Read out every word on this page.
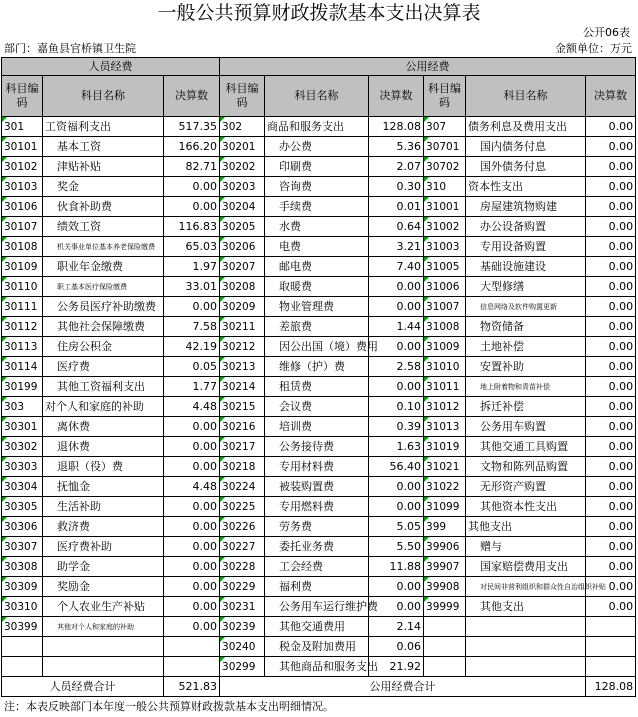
一般公共预算财政拨款基本支出决算表
公开06表
部门：嘉鱼县官桥镇卫生院	金额单位：万元
人员经费			公用经费					
科目编码	科目名称	决算数	科目编码	科目名称	决算数	科目编码	科目名称	决算数
301	工资福利支出	517.35	302	商品和服务支出	128.08	307	债务利息及费用支出	0.00
30101	基本工资	166.20	30201	办公费	5.36	30701	国内债务付息	0.00
30102	津贴补贴	82.71	30202	印刷费	2.07	30702	国外债务付息	0.00
30103	奖金	0.00	30203	咨询费	0.30	310	资本性支出	0.00
30106	伙食补助费	0.00	30204	手续费	0.01	31001	房屋建筑物购建	0.00
30107	绩效工资	116.83	30205	水费	0.64	31002	办公设备购置	0.00
30108	机关事业单位基本养老保险缴费	65.03	30206	电费	3.21	31003	专用设备购置	0.00
30109	职业年金缴费	1.97	30207	邮电费	7.40	31005	基础设施建设	0.00
30110	职工基本医疗保险缴费	33.01	30208	取暖费	0.00	31006	大型修缮	0.00
30111	公务员医疗补助缴费	0.00	30209	物业管理费	0.00	31007	信息网络及软件购置更新	0.00
30112	其他社会保障缴费	7.58	30211	差旅费	1.44	31008	物资储备	0.00
30113	住房公积金	42.19	30212	因公出国（境）费用	0.00	31009	土地补偿	0.00
30114	医疗费	0.05	30213	维修（护）费	2.58	31010	安置补助	0.00
30199	其他工资福利支出	1.77	30214	租赁费	0.00	31011	地上附着物和青苗补偿	0.00
303	对个人和家庭的补助	4.48	30215	会议费	0.10	31012	拆迁补偿	0.00
30301	离休费	0.00	30216	培训费	0.39	31013	公务用车购置	0.00
30302	退休费	0.00	30217	公务接待费	1.63	31019	其他交通工具购置	0.00
30303	退职（役）费	0.00	30218	专用材料费	56.40	31021	文物和陈列品购置	0.00
30304	抚恤金	4.48	30224	被装购置费	0.00	31022	无形资产购置	0.00
30305	生活补助	0.00	30225	专用燃料费	0.00	31099	其他资本性支出	0.00
30306	救济费	0.00	30226	劳务费	5.05	399	其他支出	0.00
30307	医疗费补助	0.00	30227	委托业务费	5.50	39906	赠与	0.00
30308	助学金	0.00	30228	工会经费	11.88	39907	国家赔偿费用支出	0.00
30309	奖励金	0.00	30229	福利费	0.00	39908	对民间非营利组织和群众性自治组织补贴	0.00
30310	个人农业生产补贴	0.00	30231	公务用车运行维护费	0.00	39999	其他支出	0.00
30399	其他对个人和家庭的补助	0.00	30239	其他交通费用	2.14			
			30240	税金及附加费用	0.06			
			30299	其他商品和服务支出	21.92			
人员经费合计		521.83	公用经费合计					128.08
注：本表反映部门本年度一般公共预算财政拨款基本支出明细情况。
